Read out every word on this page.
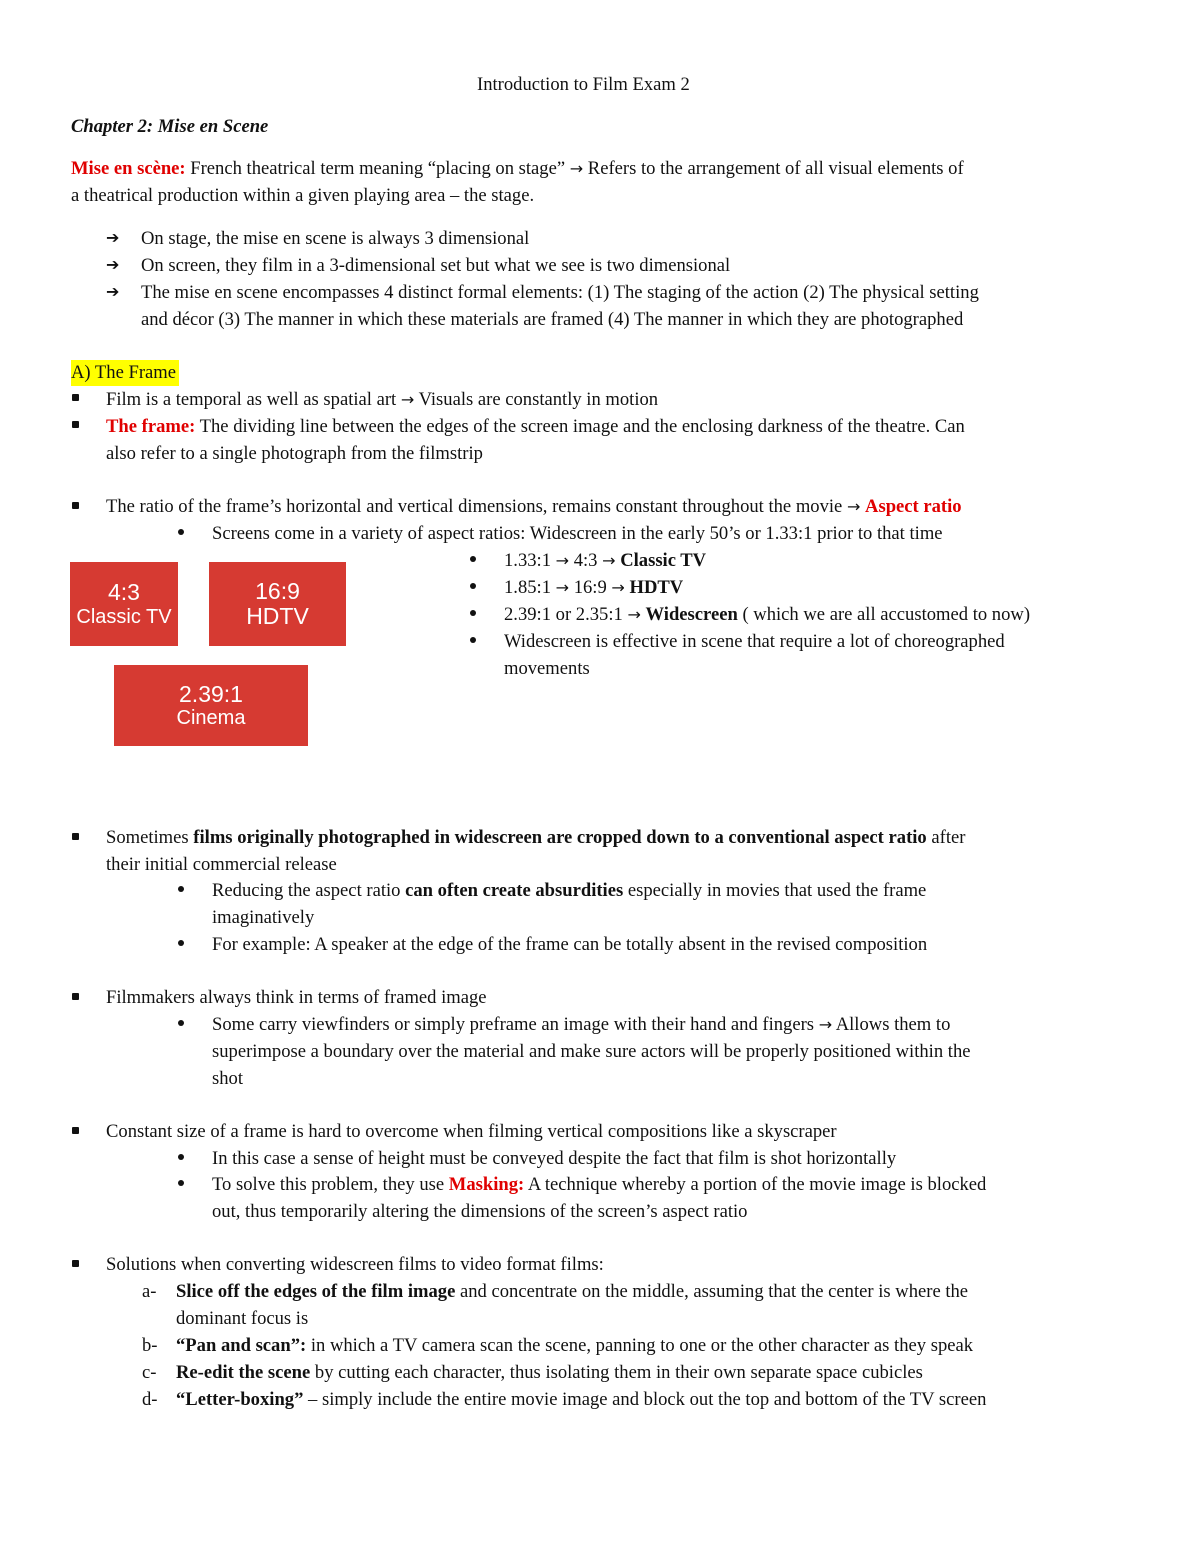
Introduction to Film Exam 2
Chapter 2: Mise en Scene
Mise en scène: French theatrical term meaning “placing on stage” → Refers to the arrangement of all visual elements of
a theatrical production within a given playing area – the stage.
➔ On stage, the mise en scene is always 3 dimensional
➔ On screen, they film in a 3-dimensional set but what we see is two dimensional
➔ The mise en scene encompasses 4 distinct formal elements: (1) The staging of the action (2) The physical setting
and décor (3) The manner in which these materials are framed (4) The manner in which they are photographed
A) The Frame
Film is a temporal as well as spatial art → Visuals are constantly in motion
The frame: The dividing line between the edges of the screen image and the enclosing darkness of the theatre. Can
also refer to a single photograph from the filmstrip
The ratio of the frame’s horizontal and vertical dimensions, remains constant throughout the movie → Aspect ratio
Screens come in a variety of aspect ratios: Widescreen in the early 50’s or 1.33:1 prior to that time
4:3
Classic TV
16:9
HDTV
2.39:1
Cinema
1.33:1 → 4:3 → Classic TV
1.85:1 → 16:9 → HDTV
2.39:1 or 2.35:1 → Widescreen ( which we are all accustomed to now)
Widescreen is effective in scene that require a lot of choreographed
movements
Sometimes films originally photographed in widescreen are cropped down to a conventional aspect ratio after
their initial commercial release
Reducing the aspect ratio can often create absurdities especially in movies that used the frame
imaginatively
For example: A speaker at the edge of the frame can be totally absent in the revised composition
Filmmakers always think in terms of framed image
Some carry viewfinders or simply preframe an image with their hand and fingers → Allows them to
superimpose a boundary over the material and make sure actors will be properly positioned within the
shot
Constant size of a frame is hard to overcome when filming vertical compositions like a skyscraper
In this case a sense of height must be conveyed despite the fact that film is shot horizontally
To solve this problem, they use Masking: A technique whereby a portion of the movie image is blocked
out, thus temporarily altering the dimensions of the screen’s aspect ratio
Solutions when converting widescreen films to video format films:
a- Slice off the edges of the film image and concentrate on the middle, assuming that the center is where the
dominant focus is
b- “Pan and scan”: in which a TV camera scan the scene, panning to one or the other character as they speak
c- Re-edit the scene by cutting each character, thus isolating them in their own separate space cubicles
d- “Letter-boxing” – simply include the entire movie image and block out the top and bottom of the TV screen
